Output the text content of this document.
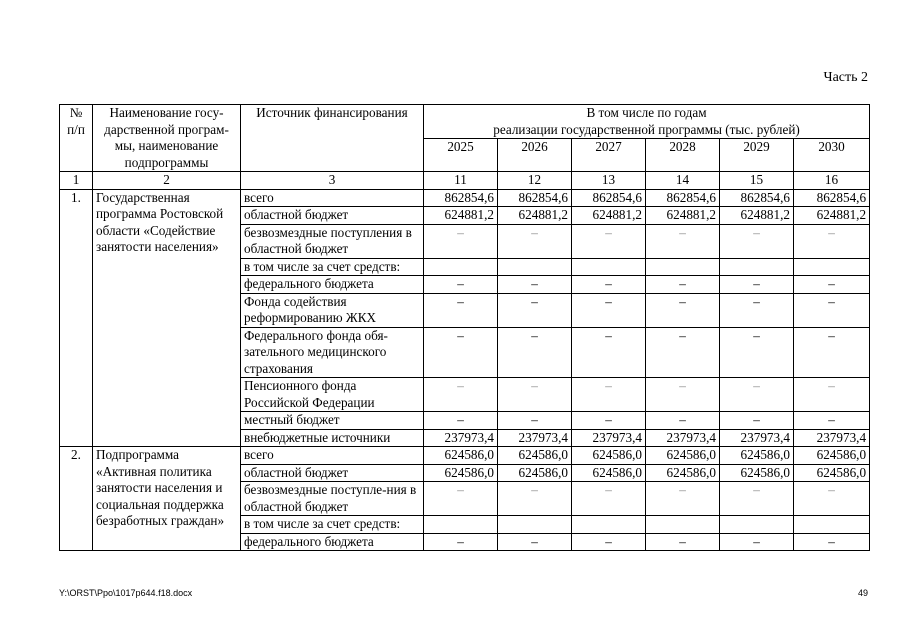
Часть 2
№ п/п	Наименование госу-дарственной програм-мы, наименование подпрограммы	Источник финансирования	В том числе по годам
реализации государственной программы (тыс. рублей)					

			2025	2026	2027	2028	2029	2030

1	2	3	11	12	13	14	15	16
1.	Государственная программа Ростовской области «Содействие занятости населения»	всего	862854,6	862854,6	862854,6	862854,6	862854,6	862854,6
		областной бюджет	624881,2	624881,2	624881,2	624881,2	624881,2	624881,2
		безвозмездные поступления в областной бюджет	–	–	–	–	–	–
		в том числе за счет средств:						
		федерального бюджета	–	–	–	–	–	–
		Фонда содействия реформированию ЖКХ	–	–	–	–	–	–
		Федерального фонда обя-зательного медицинского страхования	–	–	–	–	–	–
		Пенсионного фонда Российской Федерации	–	–	–	–	–	–
		местный бюджет	–	–	–	–	–	–
		внебюджетные источники	237973,4	237973,4	237973,4	237973,4	237973,4	237973,4
2.	Подпрограмма «Активная политика занятости населения и социальная поддержка безработных граждан»	всего	624586,0	624586,0	624586,0	624586,0	624586,0	624586,0
		областной бюджет	624586,0	624586,0	624586,0	624586,0	624586,0	624586,0
		безвозмездные поступле-ния в областной бюджет	–	–	–	–	–	–
		в том числе за счет средств:						
		федерального бюджета	–	–	–	–	–	–
Y:\ORST\Ppo\1017p644.f18.docx	49
